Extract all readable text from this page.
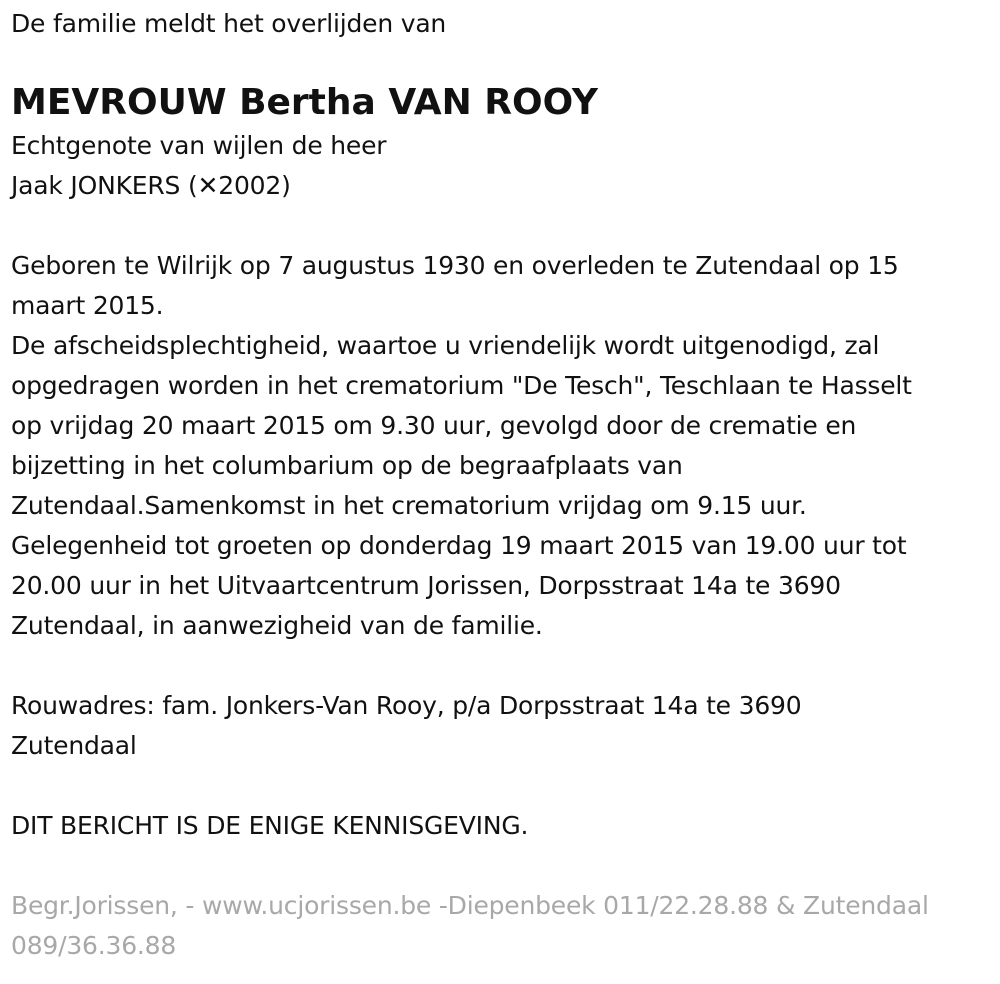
De familie meldt het overlijden van
MEVROUW Bertha VAN ROOY
Echtgenote van wijlen de heer
Jaak JONKERS (✕2002)
Geboren te Wilrijk op 7 augustus 1930 en overleden te Zutendaal op 15
maart 2015.
De afscheidsplechtigheid, waartoe u vriendelijk wordt uitgenodigd, zal
opgedragen worden in het crematorium "De Tesch", Teschlaan te Hasselt
op vrijdag 20 maart 2015 om 9.30 uur, gevolgd door de crematie en
bijzetting in het columbarium op de begraafplaats van
Zutendaal.Samenkomst in het crematorium vrijdag om 9.15 uur.
Gelegenheid tot groeten op donderdag 19 maart 2015 van 19.00 uur tot
20.00 uur in het Uitvaartcentrum Jorissen, Dorpsstraat 14a te 3690
Zutendaal, in aanwezigheid van de familie.
Rouwadres: fam. Jonkers-Van Rooy, p/a Dorpsstraat 14a te 3690
Zutendaal
DIT BERICHT IS DE ENIGE KENNISGEVING.
Begr.Jorissen, - www.ucjorissen.be -Diepenbeek 011/22.28.88 & Zutendaal
089/36.36.88
